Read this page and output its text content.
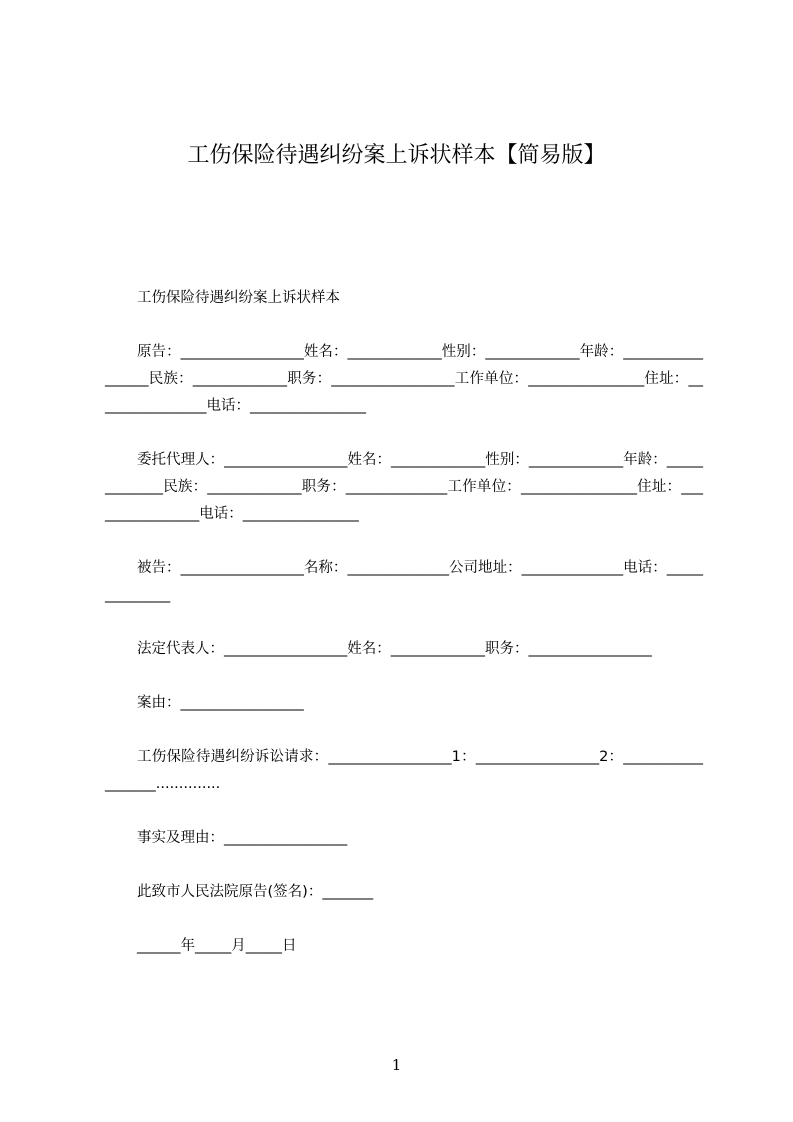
工伤保险待遇纠纷案上诉状样本【简易版】

工伤保险待遇纠纷案上诉状样本

原告：_________________姓名：_____________性别：_____________年龄：_________________民族：_____________职务：_________________工作单位：________________住址：________________电话：________________

委托代理人：_________________姓名：_____________性别：_____________年龄：_____________民族：_____________职务：______________工作单位：________________住址：________________电话：________________

被告：_________________名称：______________公司地址：______________电话：______________

法定代表人：_________________姓名：_____________职务：_________________

案由：_________________

工伤保险待遇纠纷诉讼请求：_________________1：_________________2：__________________..............

事实及理由：_________________

此致市人民法院原告(签名)：_______

______年_____月_____日

1
